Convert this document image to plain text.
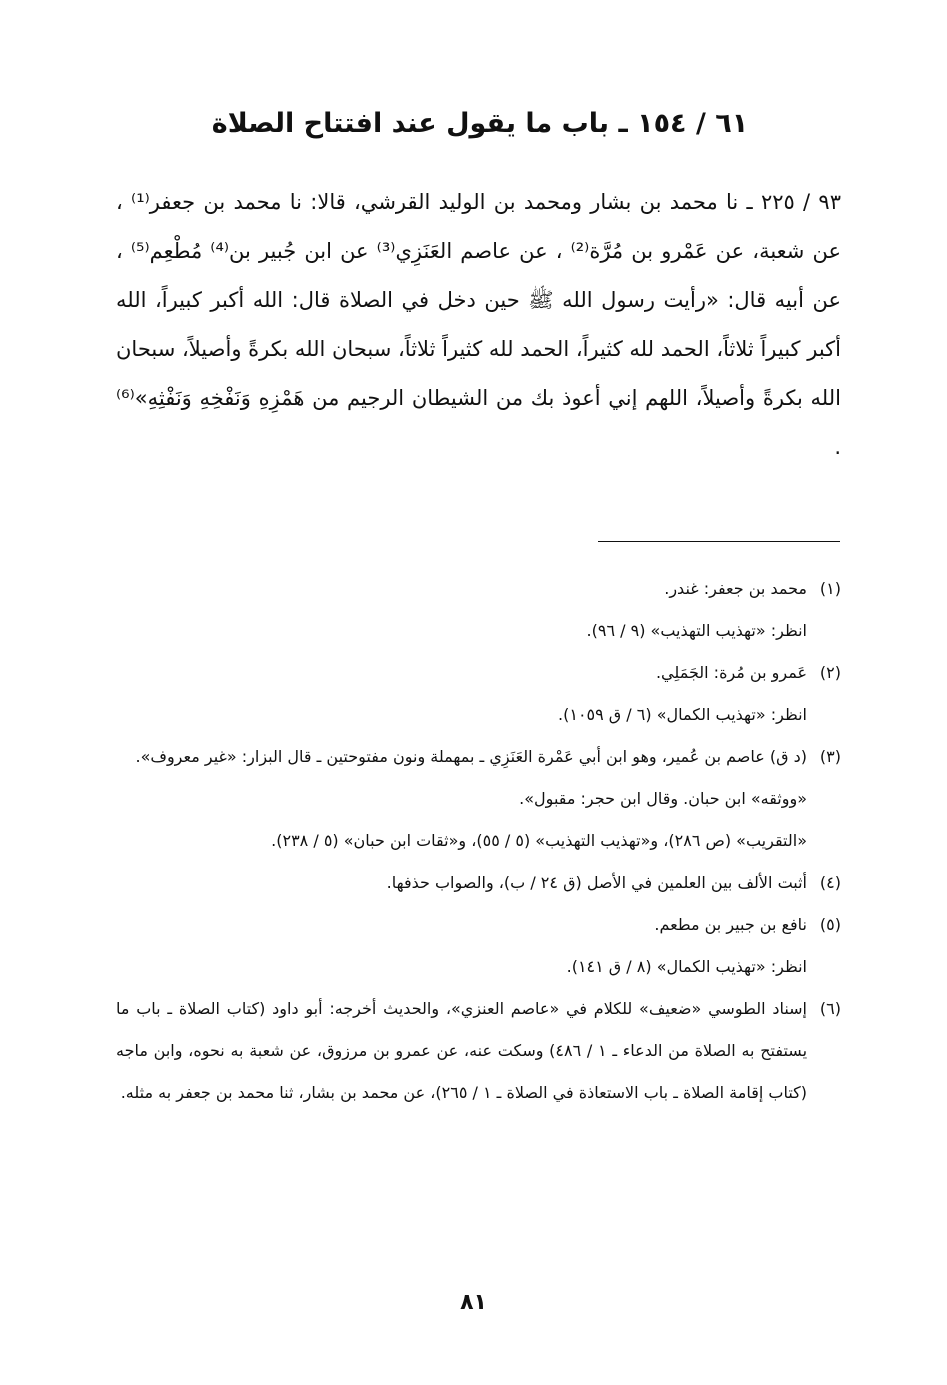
٦١ / ١٥٤ ـ باب ما يقول عند افتتاح الصلاة

٩٣ / ٢٢٥ ـ نا محمد بن بشار ومحمد بن الوليد القرشي، قالا: نا محمد بن جعفر⁽¹⁾ ، عن شعبة، عن عَمْرو بن مُرَّة⁽²⁾ ، عن عاصم العَنَزِي⁽³⁾ عن ابن جُبير بن⁽⁴⁾ مُطْعِم⁽⁵⁾ ، عن أبيه قال: «رأيت رسول الله ﷺ حين دخل في الصلاة قال: الله أكبر كبيراً، الله أكبر كبيراً ثلاثاً، الحمد لله كثيراً، الحمد لله كثيراً ثلاثاً، سبحان الله بكرةً وأصيلاً، سبحان الله بكرةً وأصيلاً، اللهم إني أعوذ بك من الشيطان الرجيم من هَمْزِهِ وَنَفْخِهِ وَنَفْثِهِ»⁽⁶⁾ .

(١)
محمد بن جعفر: غندر.
انظر: «تهذيب التهذيب» (٩ / ٩٦).
(٢)
عَمرو بن مُرة: الجَمَلِي.
انظر: «تهذيب الكمال» (٦ / ق ١٠٥٩).
(٣)
(د ق) عاصم بن عُمير، وهو ابن أبي عَمْرة العَنَزِي ـ بمهملة ونون مفتوحتين ـ قال البزار: «غير معروف».
«ووثقه» ابن حبان. وقال ابن حجر: مقبول».
«التقريب» (ص ٢٨٦)، و«تهذيب التهذيب» (٥ / ٥٥)، و«ثقات ابن حبان» (٥ / ٢٣٨).
(٤)
أثبت الألف بين العلمين في الأصل (ق ٢٤ / ب)، والصواب حذفها.
(٥)
نافع بن جبير بن مطعم.
انظر: «تهذيب الكمال» (٨ / ق ١٤١).
(٦)
إسناد الطوسي «ضعيف» للكلام في «عاصم العنزي»، والحديث أخرجه: أبو داود (كتاب الصلاة ـ باب ما يستفتح به الصلاة من الدعاء ـ ١ / ٤٨٦) وسكت عنه، عن عمرو بن مرزوق، عن شعبة به نحوه، وابن ماجه (كتاب إقامة الصلاة ـ باب الاستعاذة في الصلاة ـ ١ / ٢٦٥)، عن محمد بن بشار، ثنا محمد بن جعفر به مثله.
٨١
